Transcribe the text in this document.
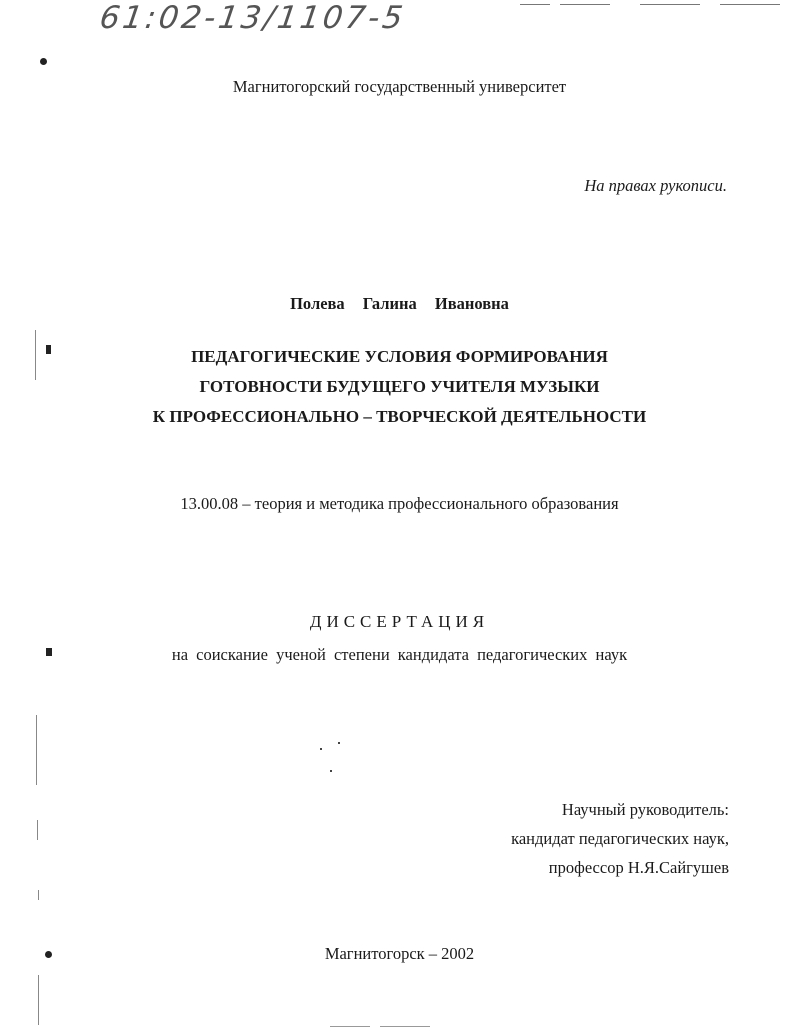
61:02-13/1107-5
Магнитогорский государственный университет
На правах рукописи.
Полева Галина Ивановна
ПЕДАГОГИЧЕСКИЕ УСЛОВИЯ ФОРМИРОВАНИЯ
ГОТОВНОСТИ БУДУЩЕГО УЧИТЕЛЯ МУЗЫКИ
К ПРОФЕССИОНАЛЬНО – ТВОРЧЕСКОЙ ДЕЯТЕЛЬНОСТИ
13.00.08 – теория и методика профессионального образования
ДИССЕРТАЦИЯ
на соискание ученой степени кандидата педагогических наук
Научный руководитель:
кандидат педагогических наук,
профессор Н.Я.Сайгушев
Магнитогорск – 2002
